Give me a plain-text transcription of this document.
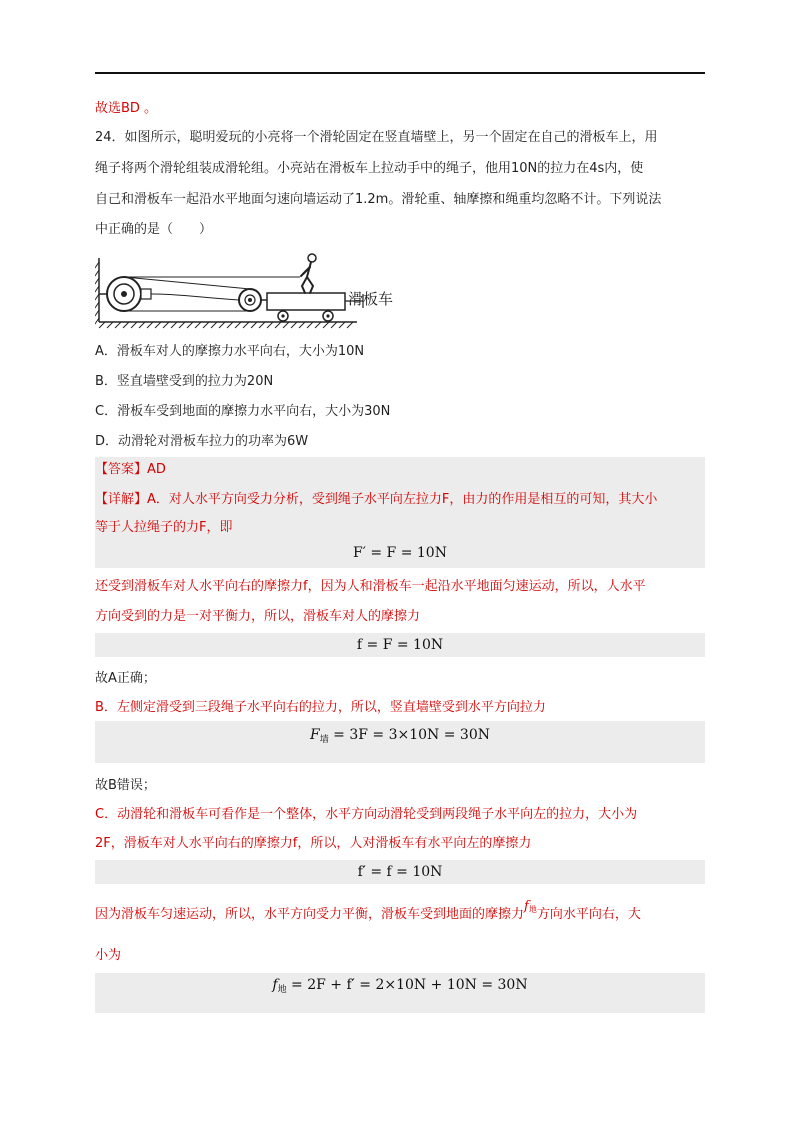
故选BD 。
24．如图所示，聪明爱玩的小亮将一个滑轮固定在竖直墙壁上，另一个固定在自己的滑板车上，用
绳子将两个滑轮组装成滑轮组。小亮站在滑板车上拉动手中的绳子，他用10N的拉力在4s内，使
自己和滑板车一起沿水平地面匀速向墙运动了1.2m。滑轮重、轴摩擦和绳重均忽略不计。下列说法
中正确的是（　　）
滑板车
A．滑板车对人的摩擦力水平向右，大小为10N
B．竖直墙壁受到的拉力为20N
C．滑板车受到地面的摩擦力水平向右，大小为30N
D．动滑轮对滑板车拉力的功率为6W
【答案】AD
【详解】A．对人水平方向受力分析，受到绳子水平向左拉力F，由力的作用是相互的可知，其大小
等于人拉绳子的力F，即
F′ = F = 10N
还受到滑板车对人水平向右的摩擦力f，因为人和滑板车一起沿水平地面匀速运动，所以，人水平
方向受到的力是一对平衡力，所以，滑板车对人的摩擦力
f = F = 10N
故A正确；
B．左侧定滑受到三段绳子水平向右的拉力，所以，竖直墙壁受到水平方向拉力
$F_墙 = 3F = 3\times 10N = 30N$
故B错误；
C．动滑轮和滑板车可看作是一个整体，水平方向动滑轮受到两段绳子水平向左的拉力，大小为
2F，滑板车对人水平向右的摩擦力f，所以，人对滑板车有水平向左的摩擦力
f′ = f = 10N
因为滑板车匀速运动，所以，水平方向受力平衡，滑板车受到地面的摩擦力$f^地$方向水平向右，大
小为
$f_地 = 2F + f' = 2\times 10N + 10N = 30N$
